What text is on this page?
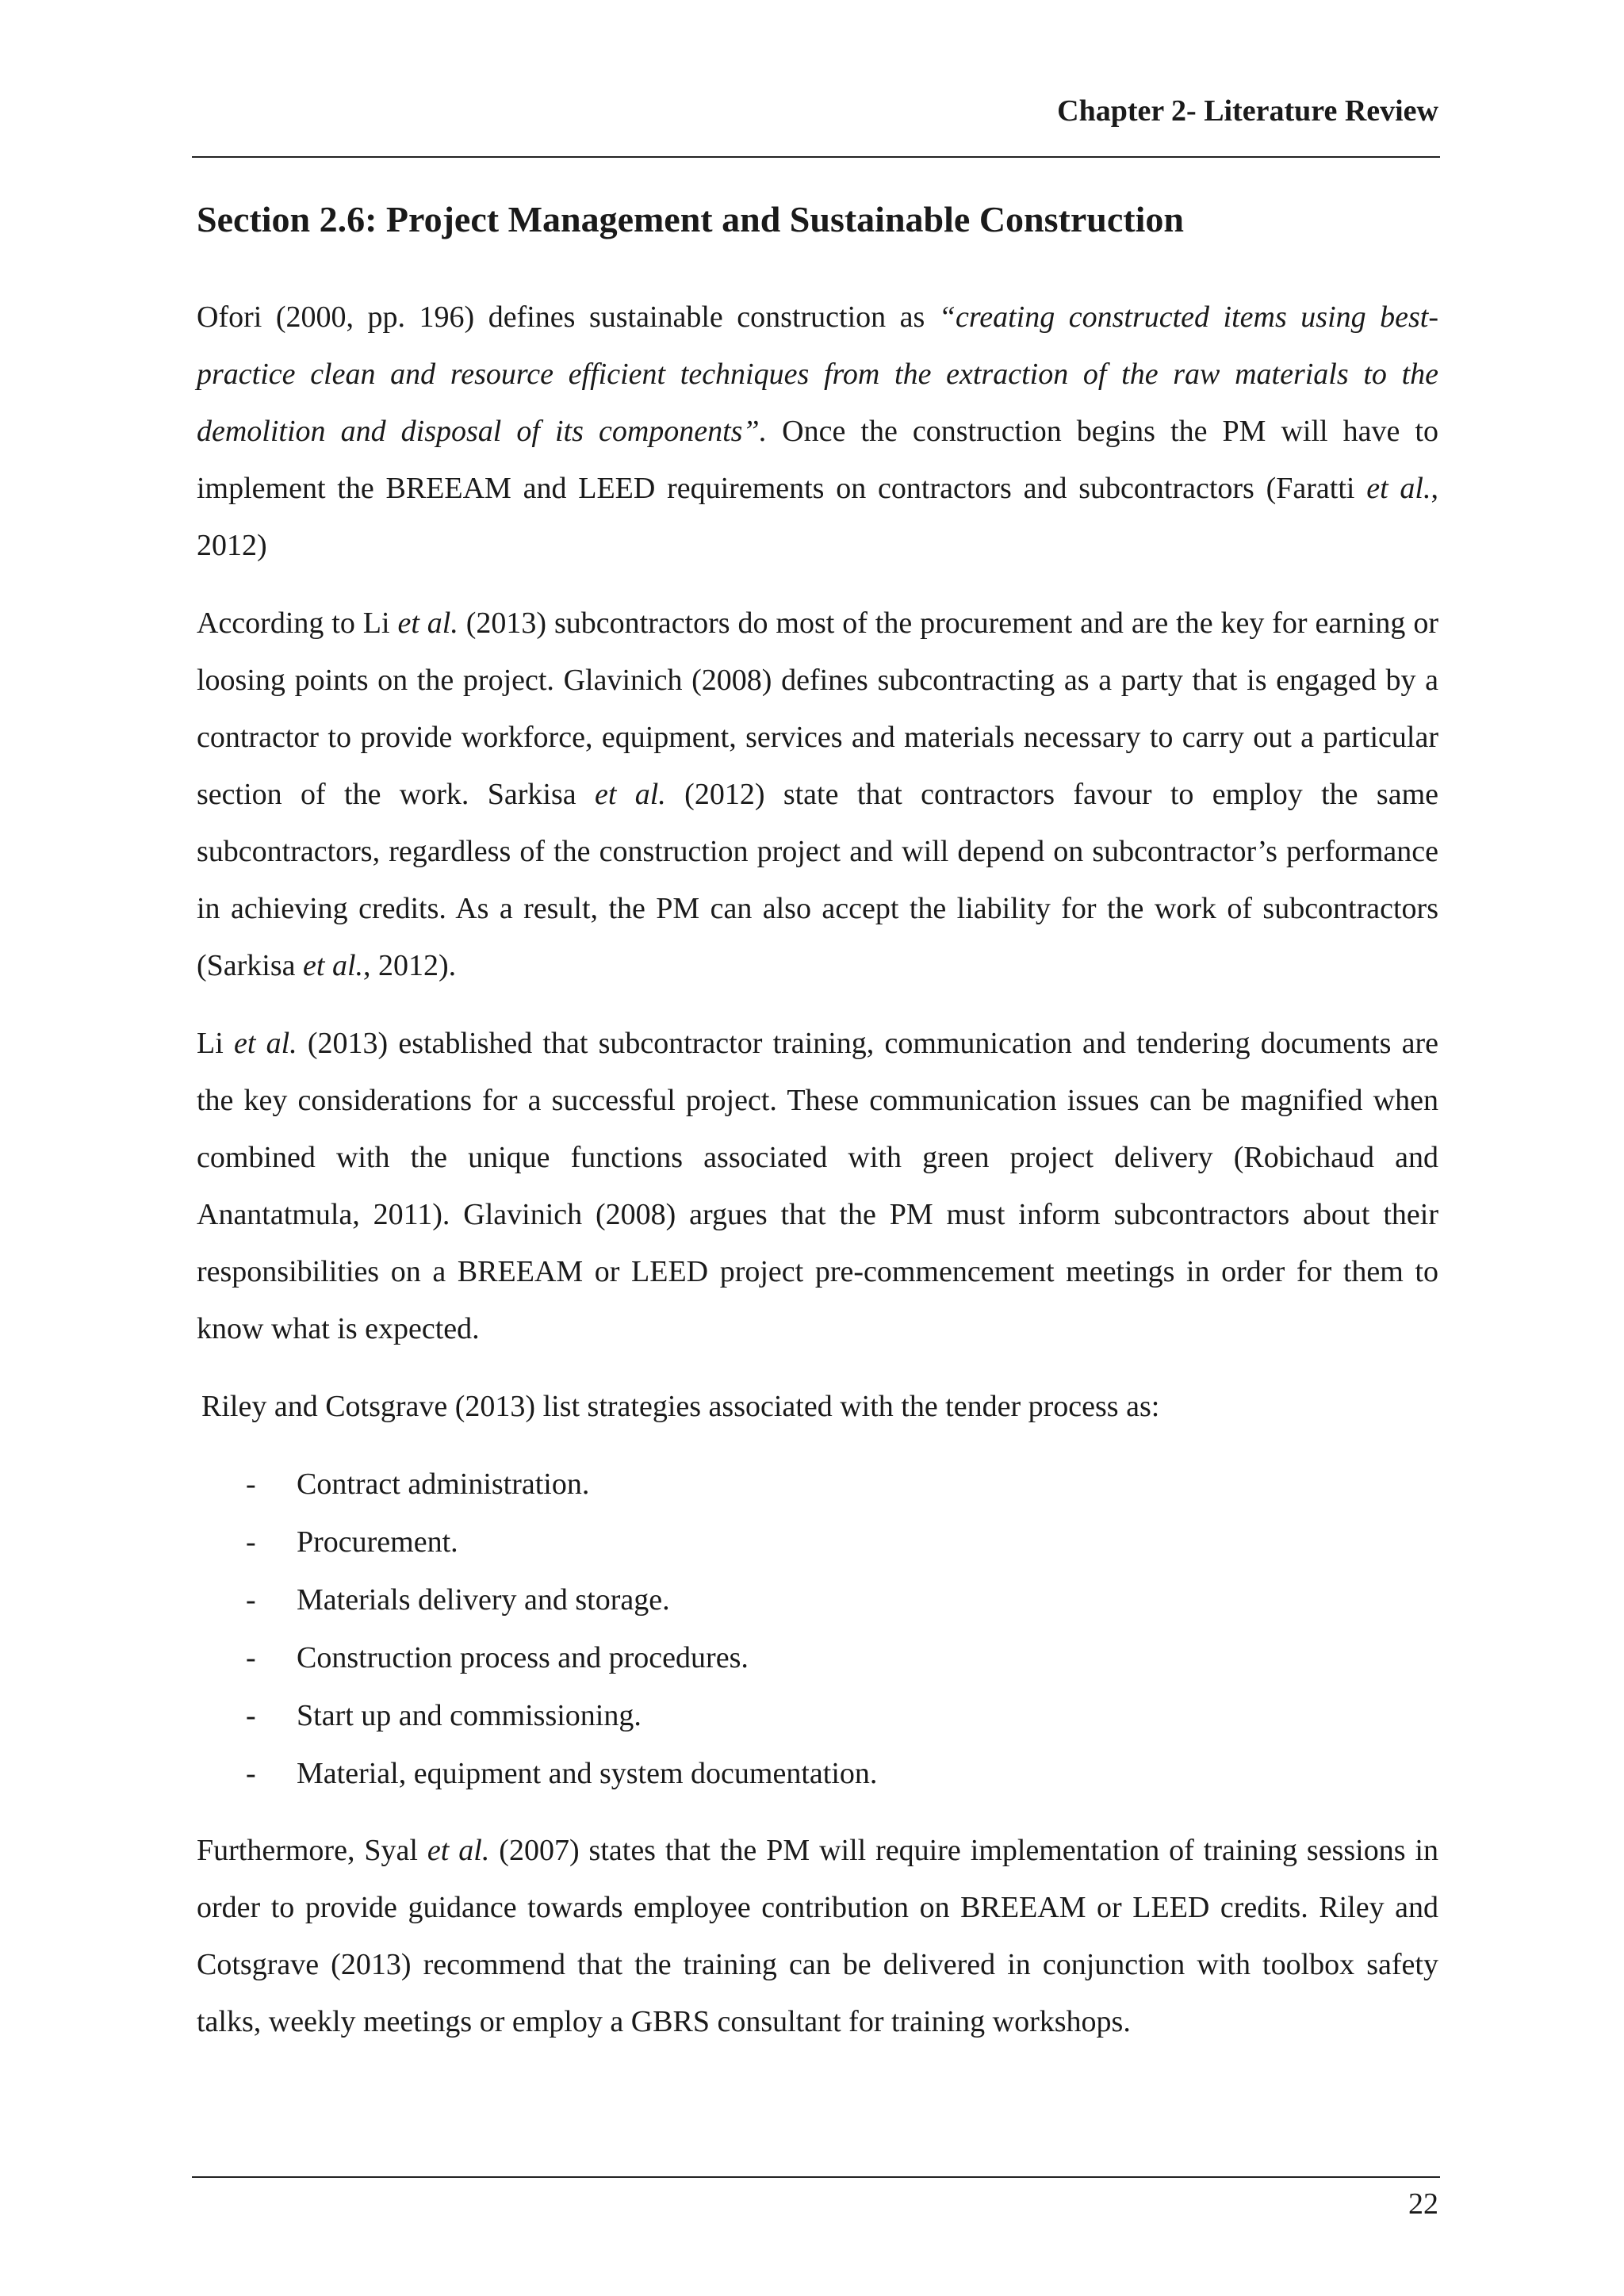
Chapter 2- Literature Review
Section 2.6: Project Management and Sustainable Construction

Ofori (2000, pp. 196) defines sustainable construction as “creating constructed items using best-practice clean and resource efficient techniques from the extraction of the raw materials to the demolition and disposal of its components”. Once the construction begins the PM will have to implement the BREEAM and LEED requirements on contractors and subcontractors (Faratti et al., 2012)

According to Li et al. (2013) subcontractors do most of the procurement and are the key for earning or loosing points on the project. Glavinich (2008) defines subcontracting as a party that is engaged by a contractor to provide workforce, equipment, services and materials necessary to carry out a particular section of the work. Sarkisa et al. (2012) state that contractors favour to employ the same subcontractors, regardless of the construction project and will depend on subcontractor’s performance in achieving credits. As a result, the PM can also accept the liability for the work of subcontractors (Sarkisa et al., 2012).

Li et al. (2013) established that subcontractor training, communication and tendering documents are the key considerations for a successful project. These communication issues can be magnified when combined with the unique functions associated with green project delivery (Robichaud and Anantatmula, 2011). Glavinich (2008) argues that the PM must inform subcontractors about their responsibilities on a BREEAM or LEED project pre-commencement meetings in order for them to know what is expected.

Riley and Cotsgrave (2013) list strategies associated with the tender process as:

- Contract administration.
- Procurement.
- Materials delivery and storage.
- Construction process and procedures.
- Start up and commissioning.
- Material, equipment and system documentation.

Furthermore, Syal et al. (2007) states that the PM will require implementation of training sessions in order to provide guidance towards employee contribution on BREEAM or LEED credits. Riley and Cotsgrave (2013) recommend that the training can be delivered in conjunction with toolbox safety talks, weekly meetings or employ a GBRS consultant for training workshops.

22
